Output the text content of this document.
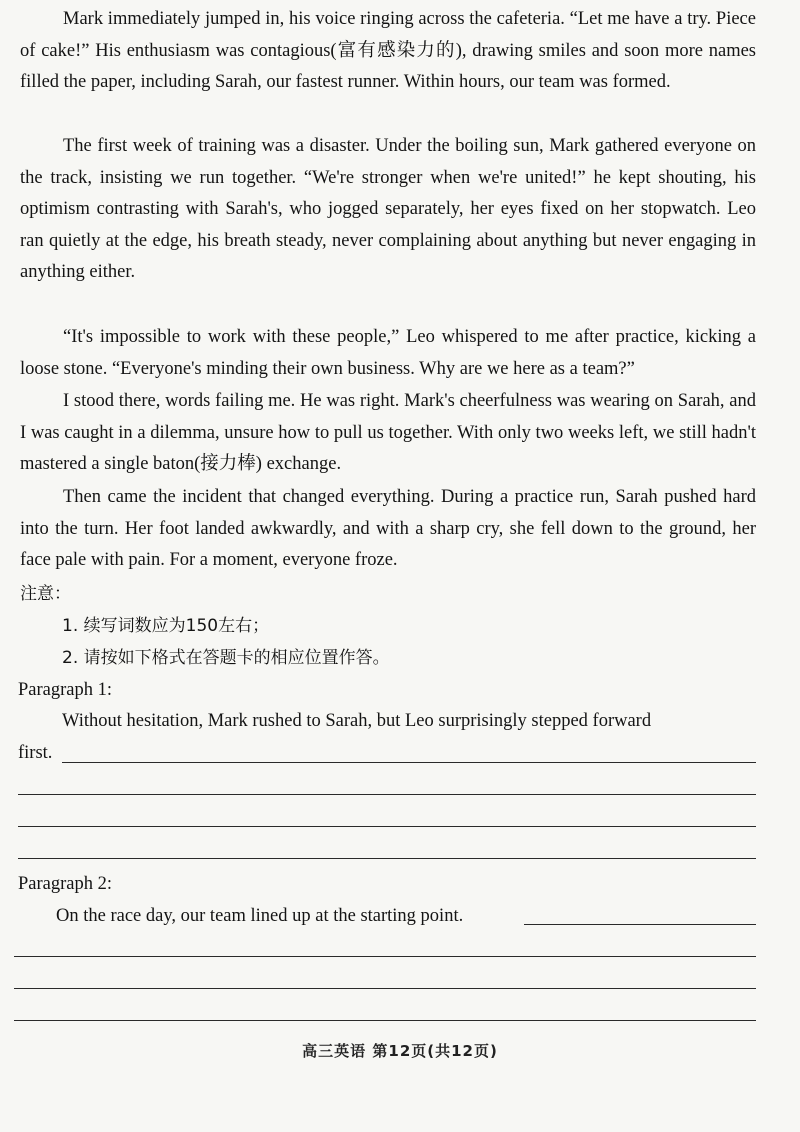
Mark immediately jumped in, his voice ringing across the cafeteria. “Let me have a try. Piece of cake!” His enthusiasm was contagious(富有感染力的), drawing smiles and soon more names filled the paper, including Sarah, our fastest runner. Within hours, our team was formed.

The first week of training was a disaster. Under the boiling sun, Mark gathered everyone on the track, insisting we run together. “We're stronger when we're united!” he kept shouting, his optimism contrasting with Sarah's, who jogged separately, her eyes fixed on her stopwatch. Leo ran quietly at the edge, his breath steady, never complaining about anything but never engaging in anything either.

“It's impossible to work with these people,” Leo whispered to me after practice, kicking a loose stone. “Everyone's minding their own business. Why are we here as a team?”

I stood there, words failing me. He was right. Mark's cheerfulness was wearing on Sarah, and I was caught in a dilemma, unsure how to pull us together. With only two weeks left, we still hadn't mastered a single baton(接力棒) exchange.

Then came the incident that changed everything. During a practice run, Sarah pushed hard into the turn. Her foot landed awkwardly, and with a sharp cry, she fell down to the ground, her face pale with pain. For a moment, everyone froze.

注意：
1. 续写词数应为150左右；
2. 请按如下格式在答题卡的相应位置作答。
Paragraph 1:
Without hesitation, Mark rushed to Sarah, but Leo surprisingly stepped forward
first.
Paragraph 2:
On the race day, our team lined up at the starting point.
高三英语 第12页(共12页)
